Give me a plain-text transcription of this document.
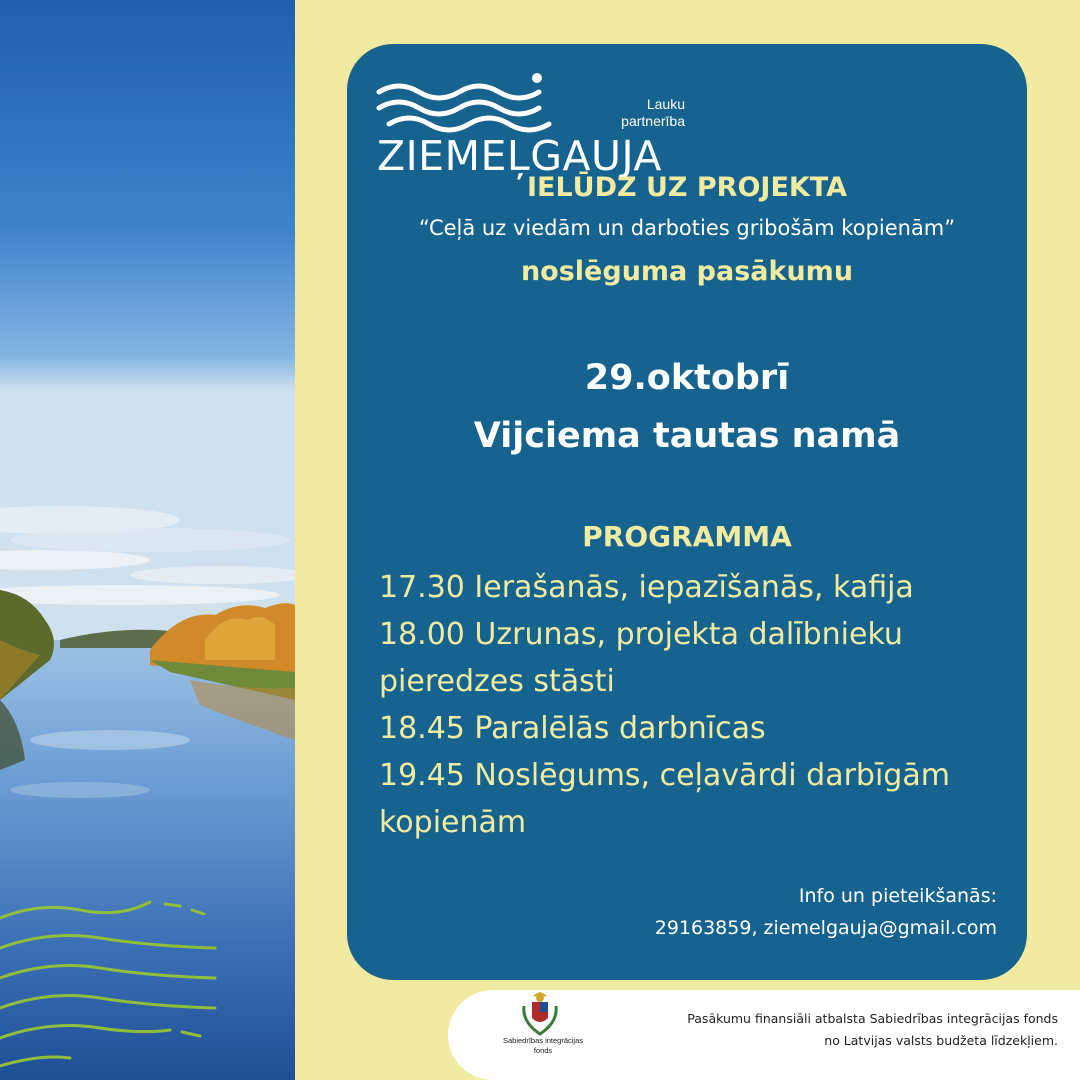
Lauku
partnerība
ZIEMEĻGAUJA
IELŪDZ UZ PROJEKTA
“Ceļā uz viedām un darboties gribošām kopienām”
noslēguma pasākumu
29.oktobrī
Vijciema tautas namā
PROGRAMMA
17.30 Ierašanās, iepazīšanās, kafija
18.00 Uzrunas, projekta dalībnieku
pieredzes stāsti
18.45 Paralēlās darbnīcas
19.45 Noslēgums, ceļavārdi darbīgām
kopienām
Info un pieteikšanās:
29163859, ziemelgauja@gmail.com
Sabiedrības integrācijas
fonds
Pasākumu finansiāli atbalsta Sabiedrības integrācijas fonds
no Latvijas valsts budžeta līdzekļiem.
